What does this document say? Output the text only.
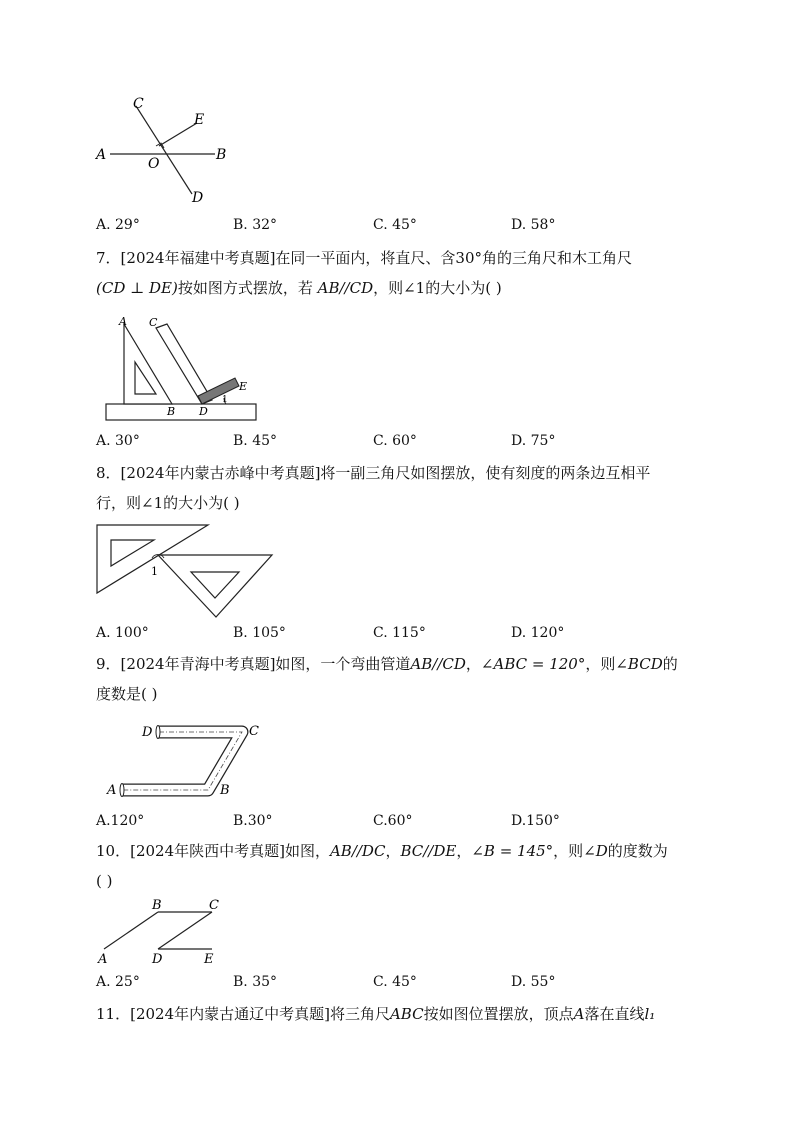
A	B
C
D
E
O
A. 29°	B. 32°	C. 45°	D. 58°
7．[2024年福建中考真题]在同一平面内，将直尺、含30°角的三角尺和木工角尺
(CD ⊥ DE)按如图方式摆放，若 AB//CD，则∠1的大小为( )
A C
B D
E
1
A. 30°	B. 45°	C. 60°	D. 75°
8．[2024年内蒙古赤峰中考真题]将一副三角尺如图摆放，使有刻度的两条边互相平
行，则∠1的大小为( )
1
A. 100°	B. 105°	C. 115°	D. 120°
9．[2024年青海中考真题]如图，一个弯曲管道AB//CD，∠ABC = 120°，则∠BCD的
度数是( )
D	C
A	B
A.120°	B.30°	C.60°	D.150°
10．[2024年陕西中考真题]如图，AB//DC，BC//DE，∠B = 145°，则∠D的度数为
( )
A
B	C
D	E
A. 25°	B. 35°	C. 45°	D. 55°
11．[2024年内蒙古通辽中考真题]将三角尺ABC按如图位置摆放，顶点A落在直线l₁
